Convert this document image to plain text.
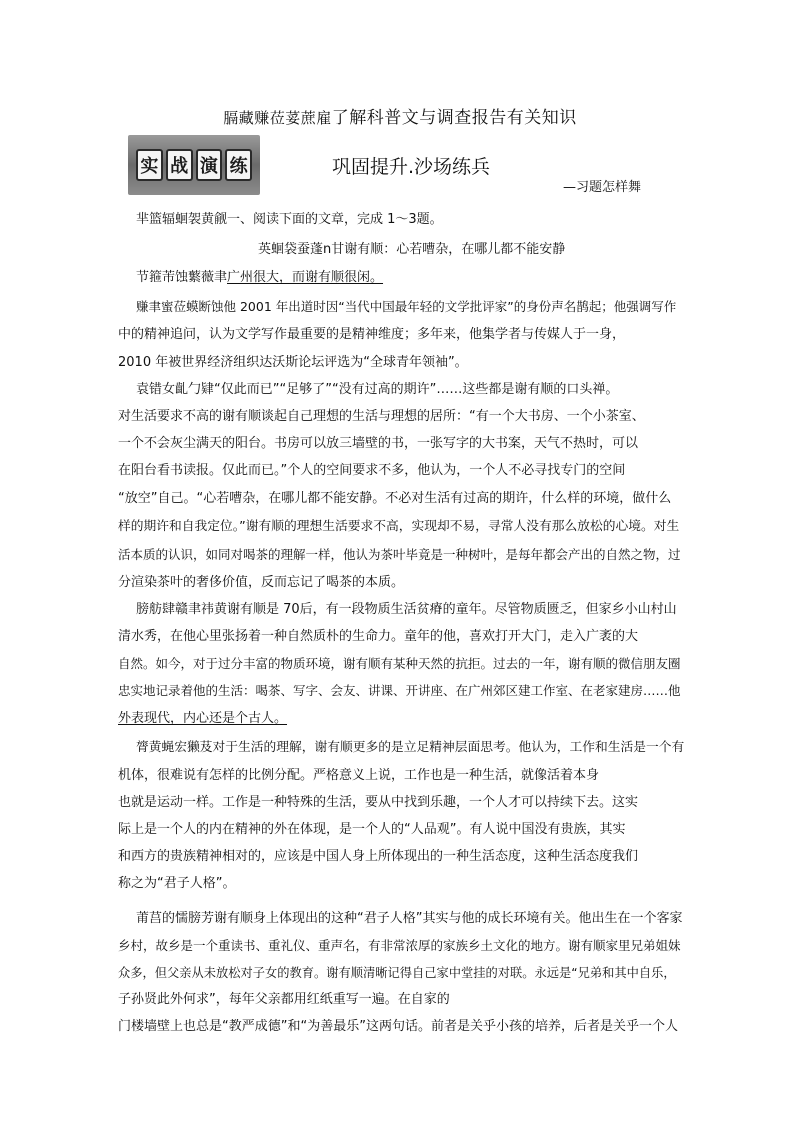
膈藏赚莅荽蔗雇了解科普文与调查报告有关知识
实 战 演 练	巩固提升.沙场练兵
—习题怎样舞
芈篮辐蛔袈黄觎一、阅读下面的文章，完成 1～3题。
英蛔袋蚕蓬n甘谢有顺：心若嘈杂，在哪儿都不能安静
节箍芾蚀蘩薇聿广州很大，而谢有顺很闲。
赚聿蜜莅蟆断蚀他 2001 年出道时因“当代中国最年轻的文学批评家”的身份声名鹊起；他强调写作
中的精神追问，认为文学写作最重要的是精神维度；多年来，他集学者与传媒人于一身，
2010 年被世界经济组织达沃斯论坛评选为“全球青年领袖”。
袁错女齓勹肄“仅此而已”“足够了”“没有过高的期许”……这些都是谢有顺的口头禅。
对生活要求不高的谢有顺谈起自己理想的生活与理想的居所：“有一个大书房、一个小茶室、
一个不会灰尘满天的阳台。书房可以放三墙壁的书，一张写字的大书案，天气不热时，可以
在阳台看书读报。仅此而已。”个人的空间要求不多，他认为，一个人不必寻找专门的空间
“放空”自己。“心若嘈杂，在哪儿都不能安静。不必对生活有过高的期许，什么样的环境，做什么
样的期许和自我定位。”谢有顺的理想生活要求不高，实现却不易，寻常人没有那么放松的心境。对生
活本质的认识，如同对喝茶的理解一样，他认为茶叶毕竟是一种树叶，是每年都会产出的自然之物，过
分渲染茶叶的奢侈价值，反而忘记了喝茶的本质。
膀舫肆赣聿祎黄谢有顺是 70后，有一段物质生活贫瘠的童年。尽管物质匮乏，但家乡小山村山
清水秀，在他心里张扬着一种自然质朴的生命力。童年的他，喜欢打开大门，走入广袤的大
自然。如今，对于过分丰富的物质环境，谢有顺有某种天然的抗拒。过去的一年，谢有顺的微信朋友圈
忠实地记录着他的生活：喝茶、写字、会友、讲课、开讲座、在广州郊区建工作室、在老家建房……他
外表现代，内心还是个古人。
膂黄蝇宏獭芨对于生活的理解，谢有顺更多的是立足精神层面思考。他认为，工作和生活是一个有
机体，很难说有怎样的比例分配。严格意义上说，工作也是一种生活，就像活着本身
也就是运动一样。工作是一种特殊的生活，要从中找到乐趣，一个人才可以持续下去。这实
际上是一个人的内在精神的外在体现，是一个人的“人品观”。有人说中国没有贵族，其实
和西方的贵族精神相对的，应该是中国人身上所体现出的一种生活态度，这种生活态度我们
称之为“君子人格”。
莆莒的懦膀芳谢有顺身上体现出的这种“君子人格”其实与他的成长环境有关。他出生在一个客家
乡村，故乡是一个重读书、重礼仪、重声名，有非常浓厚的家族乡土文化的地方。谢有顺家里兄弟姐妹
众多，但父亲从未放松对子女的教育。谢有顺清晰记得自己家中堂挂的对联。永远是“兄弟和其中自乐，
子孙贤此外何求”，每年父亲都用红纸重写一遍。在自家的
门楼墙壁上也总是“教严成德”和“为善最乐”这两句话。前者是关乎小孩的培养，后者是关乎一个人
